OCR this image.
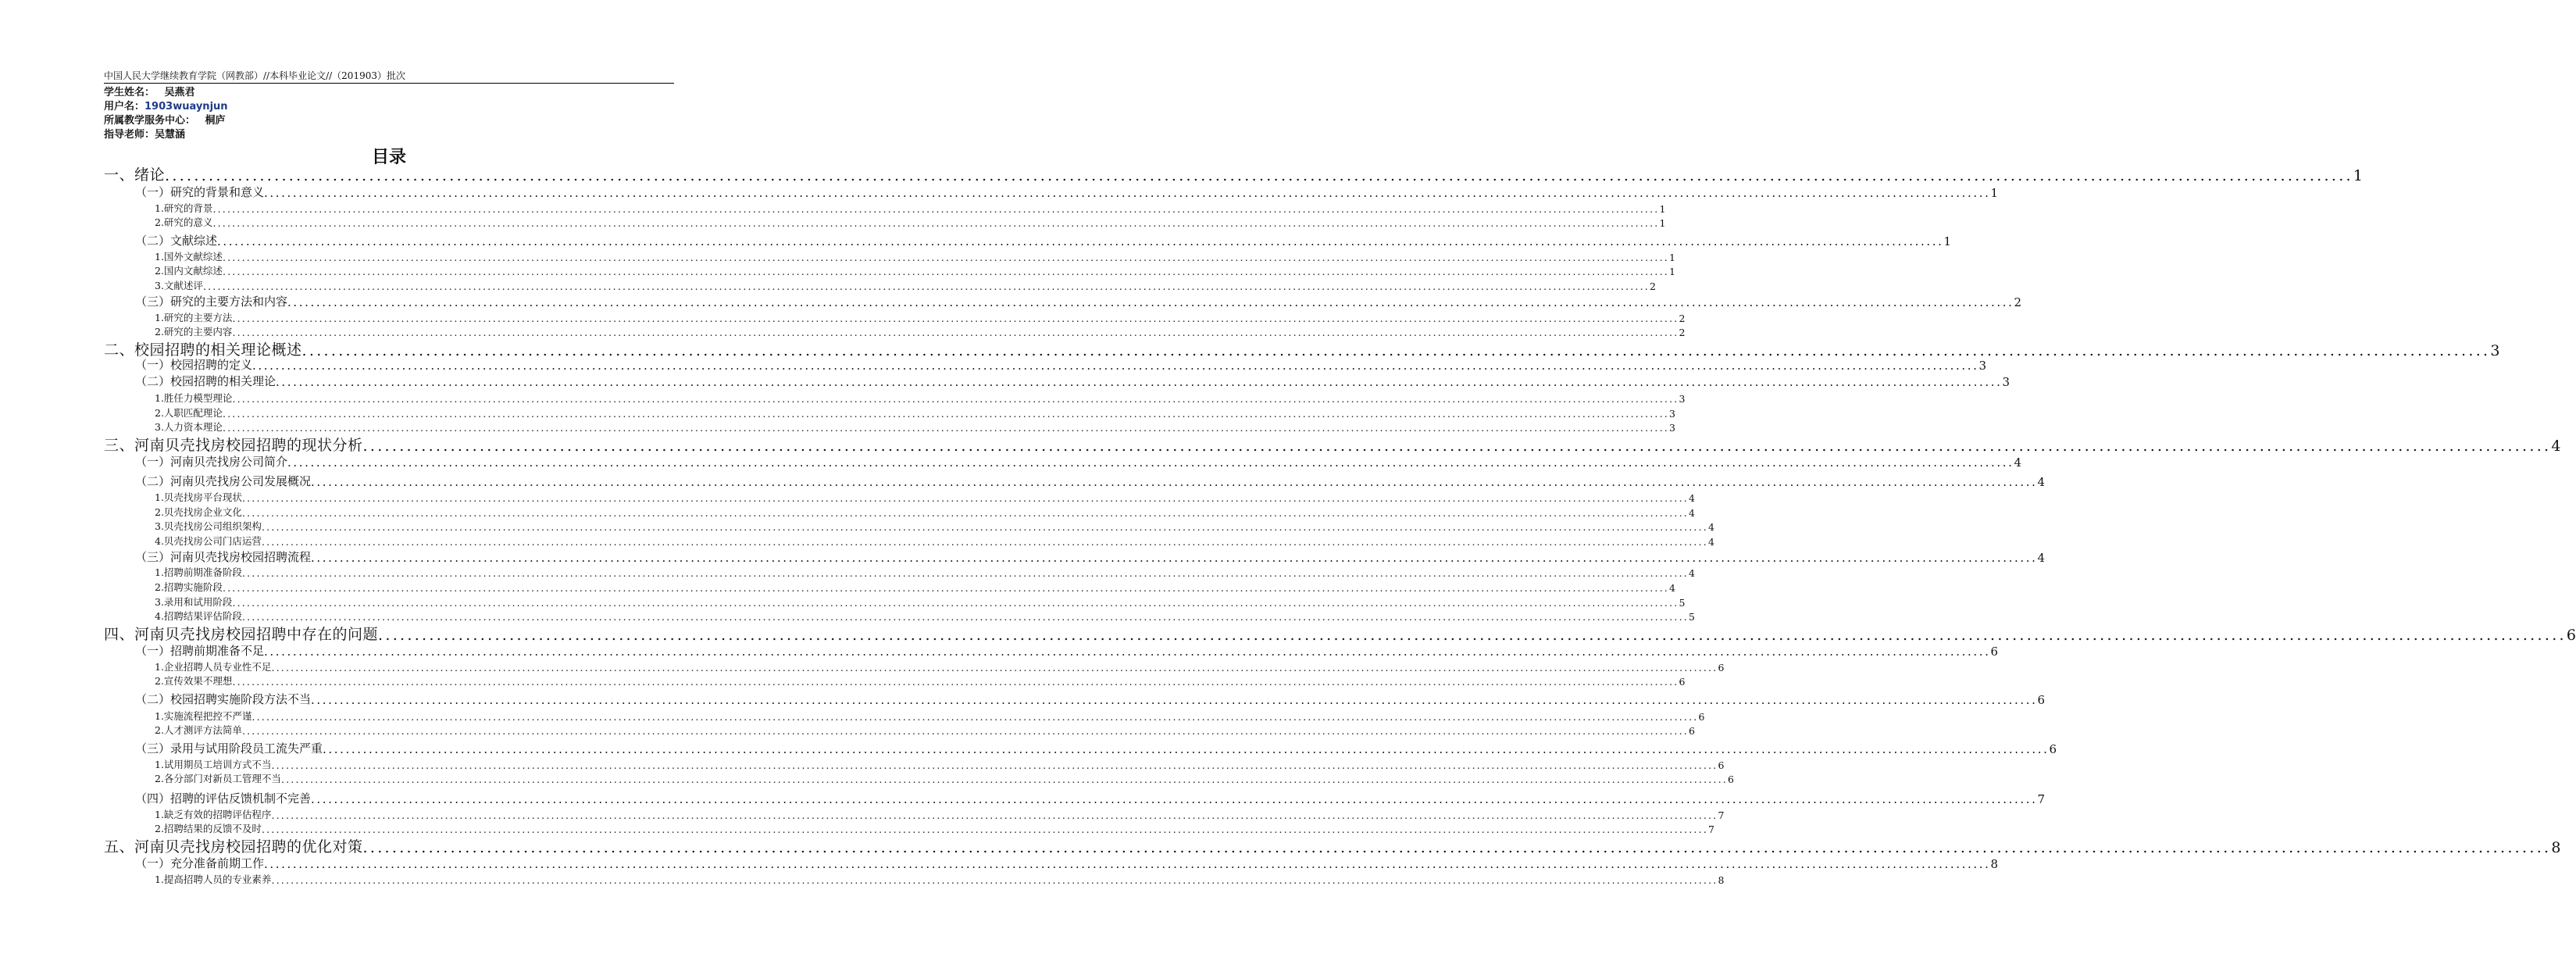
中国人民大学继续教育学院（网教部）//本科毕业论文//（201903）批次
学生姓名： 吴燕君
用户名：1903wuaynjun
所属教学服务中心： 桐庐
指导老师：吴慧涵
目录
一、绪论 ............................................................................................................................................................................................................................................................................................................ 1
（一）研究的背景和意义 ............................................................................................................................................................................................................................................................................................................ 1
1.研究的背景 ............................................................................................................................................................................................................................................................................................................ 1
2.研究的意义 ............................................................................................................................................................................................................................................................................................................ 1
（二）文献综述 ............................................................................................................................................................................................................................................................................................................ 1
1.国外文献综述 ............................................................................................................................................................................................................................................................................................................ 1
2.国内文献综述 ............................................................................................................................................................................................................................................................................................................ 1
3.文献述评 ............................................................................................................................................................................................................................................................................................................ 2
（三）研究的主要方法和内容 ............................................................................................................................................................................................................................................................................................................ 2
1.研究的主要方法 ............................................................................................................................................................................................................................................................................................................ 2
2.研究的主要内容 ............................................................................................................................................................................................................................................................................................................ 2
二、校园招聘的相关理论概述 ............................................................................................................................................................................................................................................................................................................ 3
（一）校园招聘的定义 ............................................................................................................................................................................................................................................................................................................ 3
（二）校园招聘的相关理论 ............................................................................................................................................................................................................................................................................................................ 3
1.胜任力模型理论 ............................................................................................................................................................................................................................................................................................................ 3
2.人职匹配理论 ............................................................................................................................................................................................................................................................................................................ 3
3.人力资本理论 ............................................................................................................................................................................................................................................................................................................ 3
三、河南贝壳找房校园招聘的现状分析 ............................................................................................................................................................................................................................................................................................................ 4
（一）河南贝壳找房公司简介 ............................................................................................................................................................................................................................................................................................................ 4
（二）河南贝壳找房公司发展概况 ............................................................................................................................................................................................................................................................................................................ 4
1.贝壳找房平台现状 ............................................................................................................................................................................................................................................................................................................ 4
2.贝壳找房企业文化 ............................................................................................................................................................................................................................................................................................................ 4
3.贝壳找房公司组织架构 ............................................................................................................................................................................................................................................................................................................ 4
4.贝壳找房公司门店运营 ............................................................................................................................................................................................................................................................................................................ 4
（三）河南贝壳找房校园招聘流程 ............................................................................................................................................................................................................................................................................................................ 4
1.招聘前期准备阶段 ............................................................................................................................................................................................................................................................................................................ 4
2.招聘实施阶段 ............................................................................................................................................................................................................................................................................................................ 4
3.录用和试用阶段 ............................................................................................................................................................................................................................................................................................................ 5
4.招聘结果评估阶段 ............................................................................................................................................................................................................................................................................................................ 5
四、河南贝壳找房校园招聘中存在的问题 ............................................................................................................................................................................................................................................................................................................ 6
（一）招聘前期准备不足 ............................................................................................................................................................................................................................................................................................................ 6
1.企业招聘人员专业性不足 ............................................................................................................................................................................................................................................................................................................ 6
2.宣传效果不理想 ............................................................................................................................................................................................................................................................................................................ 6
（二）校园招聘实施阶段方法不当 ............................................................................................................................................................................................................................................................................................................ 6
1.实施流程把控不严谨 ............................................................................................................................................................................................................................................................................................................ 6
2.人才测评方法简单 ............................................................................................................................................................................................................................................................................................................ 6
（三）录用与试用阶段员工流失严重 ............................................................................................................................................................................................................................................................................................................ 6
1.试用期员工培训方式不当 ............................................................................................................................................................................................................................................................................................................ 6
2.各分部门对新员工管理不当 ............................................................................................................................................................................................................................................................................................................ 6
（四）招聘的评估反馈机制不完善 ............................................................................................................................................................................................................................................................................................................ 7
1.缺乏有效的招聘评估程序 ............................................................................................................................................................................................................................................................................................................ 7
2.招聘结果的反馈不及时 ............................................................................................................................................................................................................................................................................................................ 7
五、河南贝壳找房校园招聘的优化对策 ............................................................................................................................................................................................................................................................................................................ 8
（一）充分准备前期工作 ............................................................................................................................................................................................................................................................................................................ 8
1.提高招聘人员的专业素养 ............................................................................................................................................................................................................................................................................................................ 8
